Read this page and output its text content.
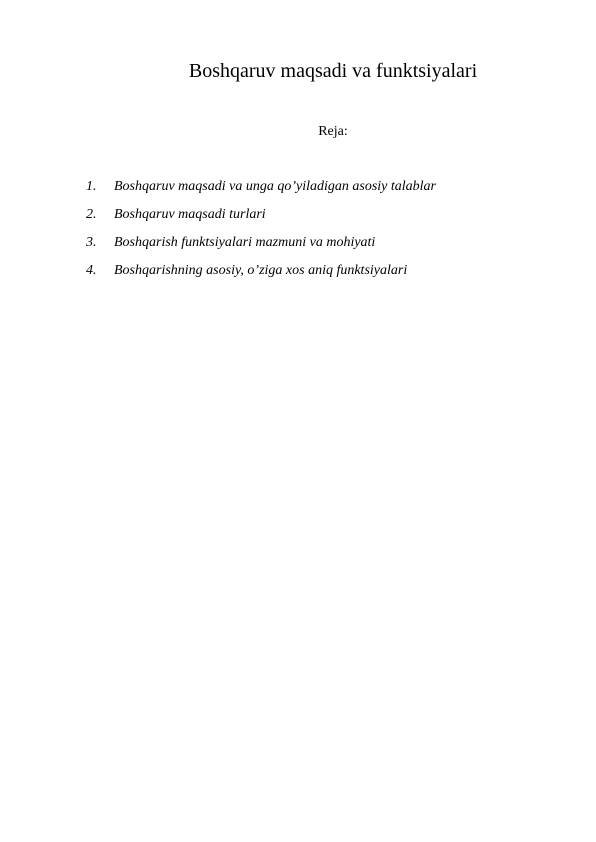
Boshqaruv maqsadi va funktsiyalari
Reja:
1.	Boshqaruv maqsadi va unga qo’yiladigan asosiy talablar
2.	Boshqaruv maqsadi turlari
3.	Boshqarish funktsiyalari mazmuni va mohiyati
4.	Boshqarishning asosiy, o’ziga xos aniq funktsiyalari
